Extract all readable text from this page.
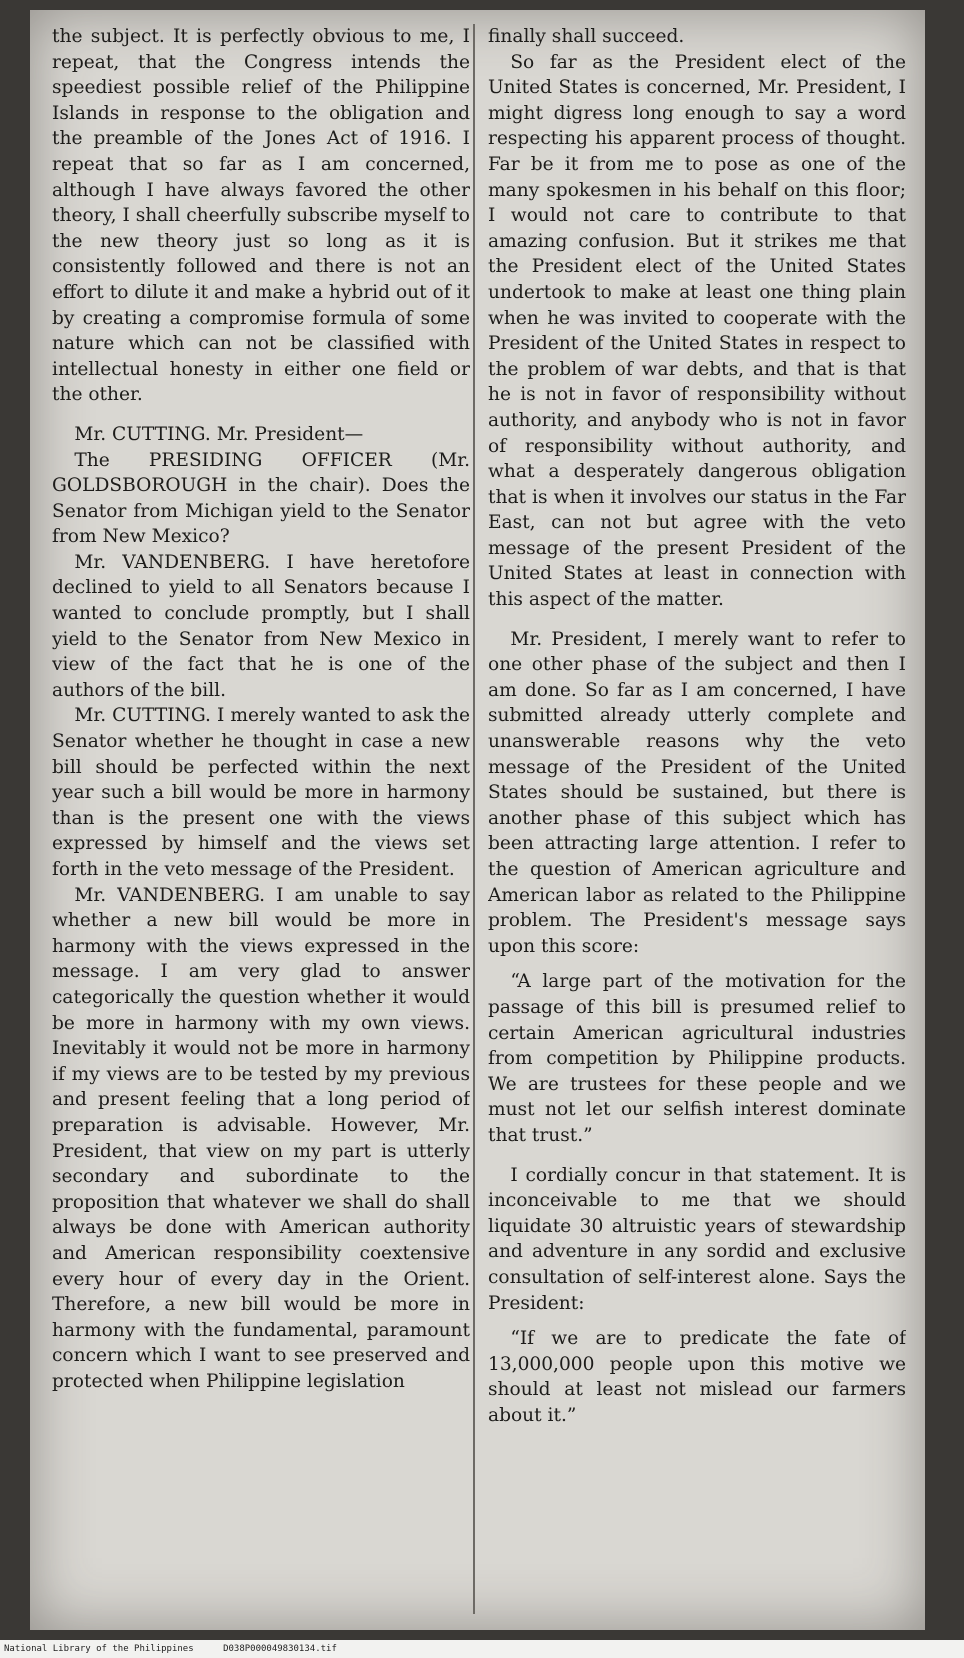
the subject. It is perfectly obvious to me, I repeat, that the Congress intends the speediest possible relief of the Philippine Islands in response to the obligation and the preamble of the Jones Act of 1916. I repeat that so far as I am concerned, although I have always favored the other theory, I shall cheerfully subscribe myself to the new theory just so long as it is consistently followed and there is not an effort to dilute it and make a hybrid out of it by creating a compromise formula of some nature which can not be classified with intellectual honesty in either one field or the other.

Mr. CUTTING. Mr. President—

The PRESIDING OFFICER (Mr. GOLDSBOROUGH in the chair). Does the Senator from Michigan yield to the Senator from New Mexico?

Mr. VANDENBERG. I have heretofore declined to yield to all Senators because I wanted to conclude promptly, but I shall yield to the Senator from New Mexico in view of the fact that he is one of the authors of the bill.

Mr. CUTTING. I merely wanted to ask the Senator whether he thought in case a new bill should be perfected within the next year such a bill would be more in harmony than is the present one with the views expressed by himself and the views set forth in the veto message of the President.

Mr. VANDENBERG. I am unable to say whether a new bill would be more in harmony with the views expressed in the message. I am very glad to answer categorically the question whether it would be more in harmony with my own views. Inevitably it would not be more in harmony if my views are to be tested by my previous and present feeling that a long period of preparation is advisable. However, Mr. President, that view on my part is utterly secondary and subordinate to the proposition that whatever we shall do shall always be done with American authority and American responsibility coextensive every hour of every day in the Orient. Therefore, a new bill would be more in harmony with the fundamental, paramount concern which I want to see preserved and protected when Philippine legislation

finally shall succeed.

So far as the President elect of the United States is concerned, Mr. President, I might digress long enough to say a word respecting his apparent process of thought. Far be it from me to pose as one of the many spokesmen in his behalf on this floor; I would not care to contribute to that amazing confusion. But it strikes me that the President elect of the United States undertook to make at least one thing plain when he was invited to cooperate with the President of the United States in respect to the problem of war debts, and that is that he is not in favor of responsibility without authority, and anybody who is not in favor of responsibility without authority, and what a desperately dangerous obligation that is when it involves our status in the Far East, can not but agree with the veto message of the present President of the United States at least in connection with this aspect of the matter.

Mr. President, I merely want to refer to one other phase of the subject and then I am done. So far as I am concerned, I have submitted already utterly complete and unanswerable reasons why the veto message of the President of the United States should be sustained, but there is another phase of this subject which has been attracting large attention. I refer to the question of American agriculture and American labor as related to the Philippine problem. The President's message says upon this score:

“A large part of the motivation for the passage of this bill is presumed relief to certain American agricultural industries from competition by Philippine products. We are trustees for these people and we must not let our selfish interest dominate that trust.”

I cordially concur in that statement. It is inconceivable to me that we should liquidate 30 altruistic years of stewardship and adventure in any sordid and exclusive consultation of self-interest alone. Says the President:

“If we are to predicate the fate of 13,000,000 people upon this motive we should at least not mislead our farmers about it.”

National Library of the Philippines	D038P000049830134.tif
